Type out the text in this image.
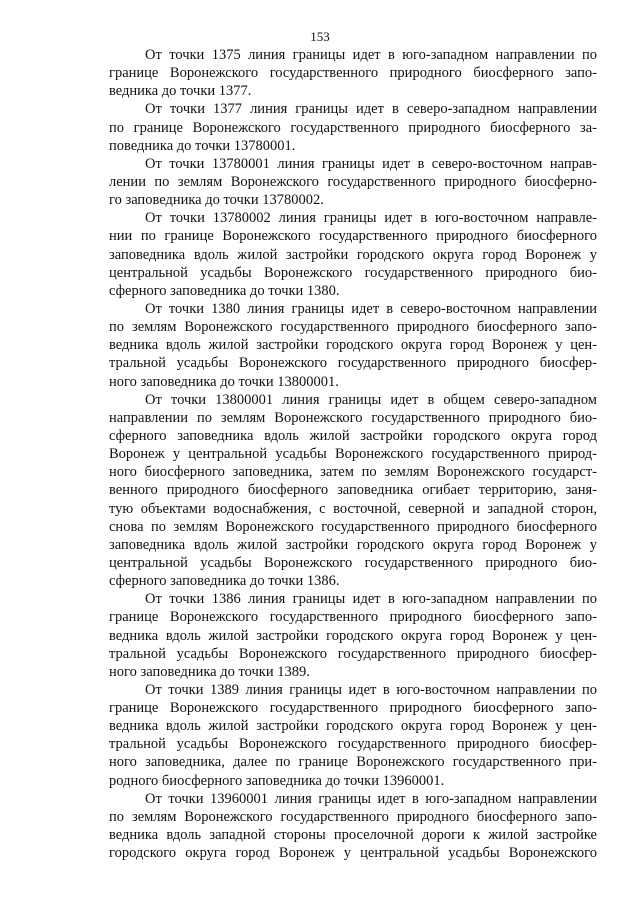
153
От точки 1375 линия границы идет в юго-западном направлении по
границе Воронежского государственного природного биосферного запо-
ведника до точки 1377.
От точки 1377 линия границы идет в северо-западном направлении
по границе Воронежского государственного природного биосферного за-
поведника до точки 13780001.
От точки 13780001 линия границы идет в северо-восточном направ-
лении по землям Воронежского государственного природного биосферно-
го заповедника до точки 13780002.
От точки 13780002 линия границы идет в юго-восточном направле-
нии по границе Воронежского государственного природного биосферного
заповедника вдоль жилой застройки городского округа город Воронеж у
центральной усадьбы Воронежского государственного природного био-
сферного заповедника до точки 1380.
От точки 1380 линия границы идет в северо-восточном направлении
по землям Воронежского государственного природного биосферного запо-
ведника вдоль жилой застройки городского округа город Воронеж у цен-
тральной усадьбы Воронежского государственного природного биосфер-
ного заповедника до точки 13800001.
От точки 13800001 линия границы идет в общем северо-западном
направлении по землям Воронежского государственного природного био-
сферного заповедника вдоль жилой застройки городского округа город
Воронеж у центральной усадьбы Воронежского государственного природ-
ного биосферного заповедника, затем по землям Воронежского государст-
венного природного биосферного заповедника огибает территорию, заня-
тую объектами водоснабжения, с восточной, северной и западной сторон,
снова по землям Воронежского государственного природного биосферного
заповедника вдоль жилой застройки городского округа город Воронеж у
центральной усадьбы Воронежского государственного природного био-
сферного заповедника до точки 1386.
От точки 1386 линия границы идет в юго-западном направлении по
границе Воронежского государственного природного биосферного запо-
ведника вдоль жилой застройки городского округа город Воронеж у цен-
тральной усадьбы Воронежского государственного природного биосфер-
ного заповедника до точки 1389.
От точки 1389 линия границы идет в юго-восточном направлении по
границе Воронежского государственного природного биосферного запо-
ведника вдоль жилой застройки городского округа город Воронеж у цен-
тральной усадьбы Воронежского государственного природного биосфер-
ного заповедника, далее по границе Воронежского государственного при-
родного биосферного заповедника до точки 13960001.
От точки 13960001 линия границы идет в юго-западном направлении
по землям Воронежского государственного природного биосферного запо-
ведника вдоль западной стороны проселочной дороги к жилой застройке
городского округа город Воронеж у центральной усадьбы Воронежского
